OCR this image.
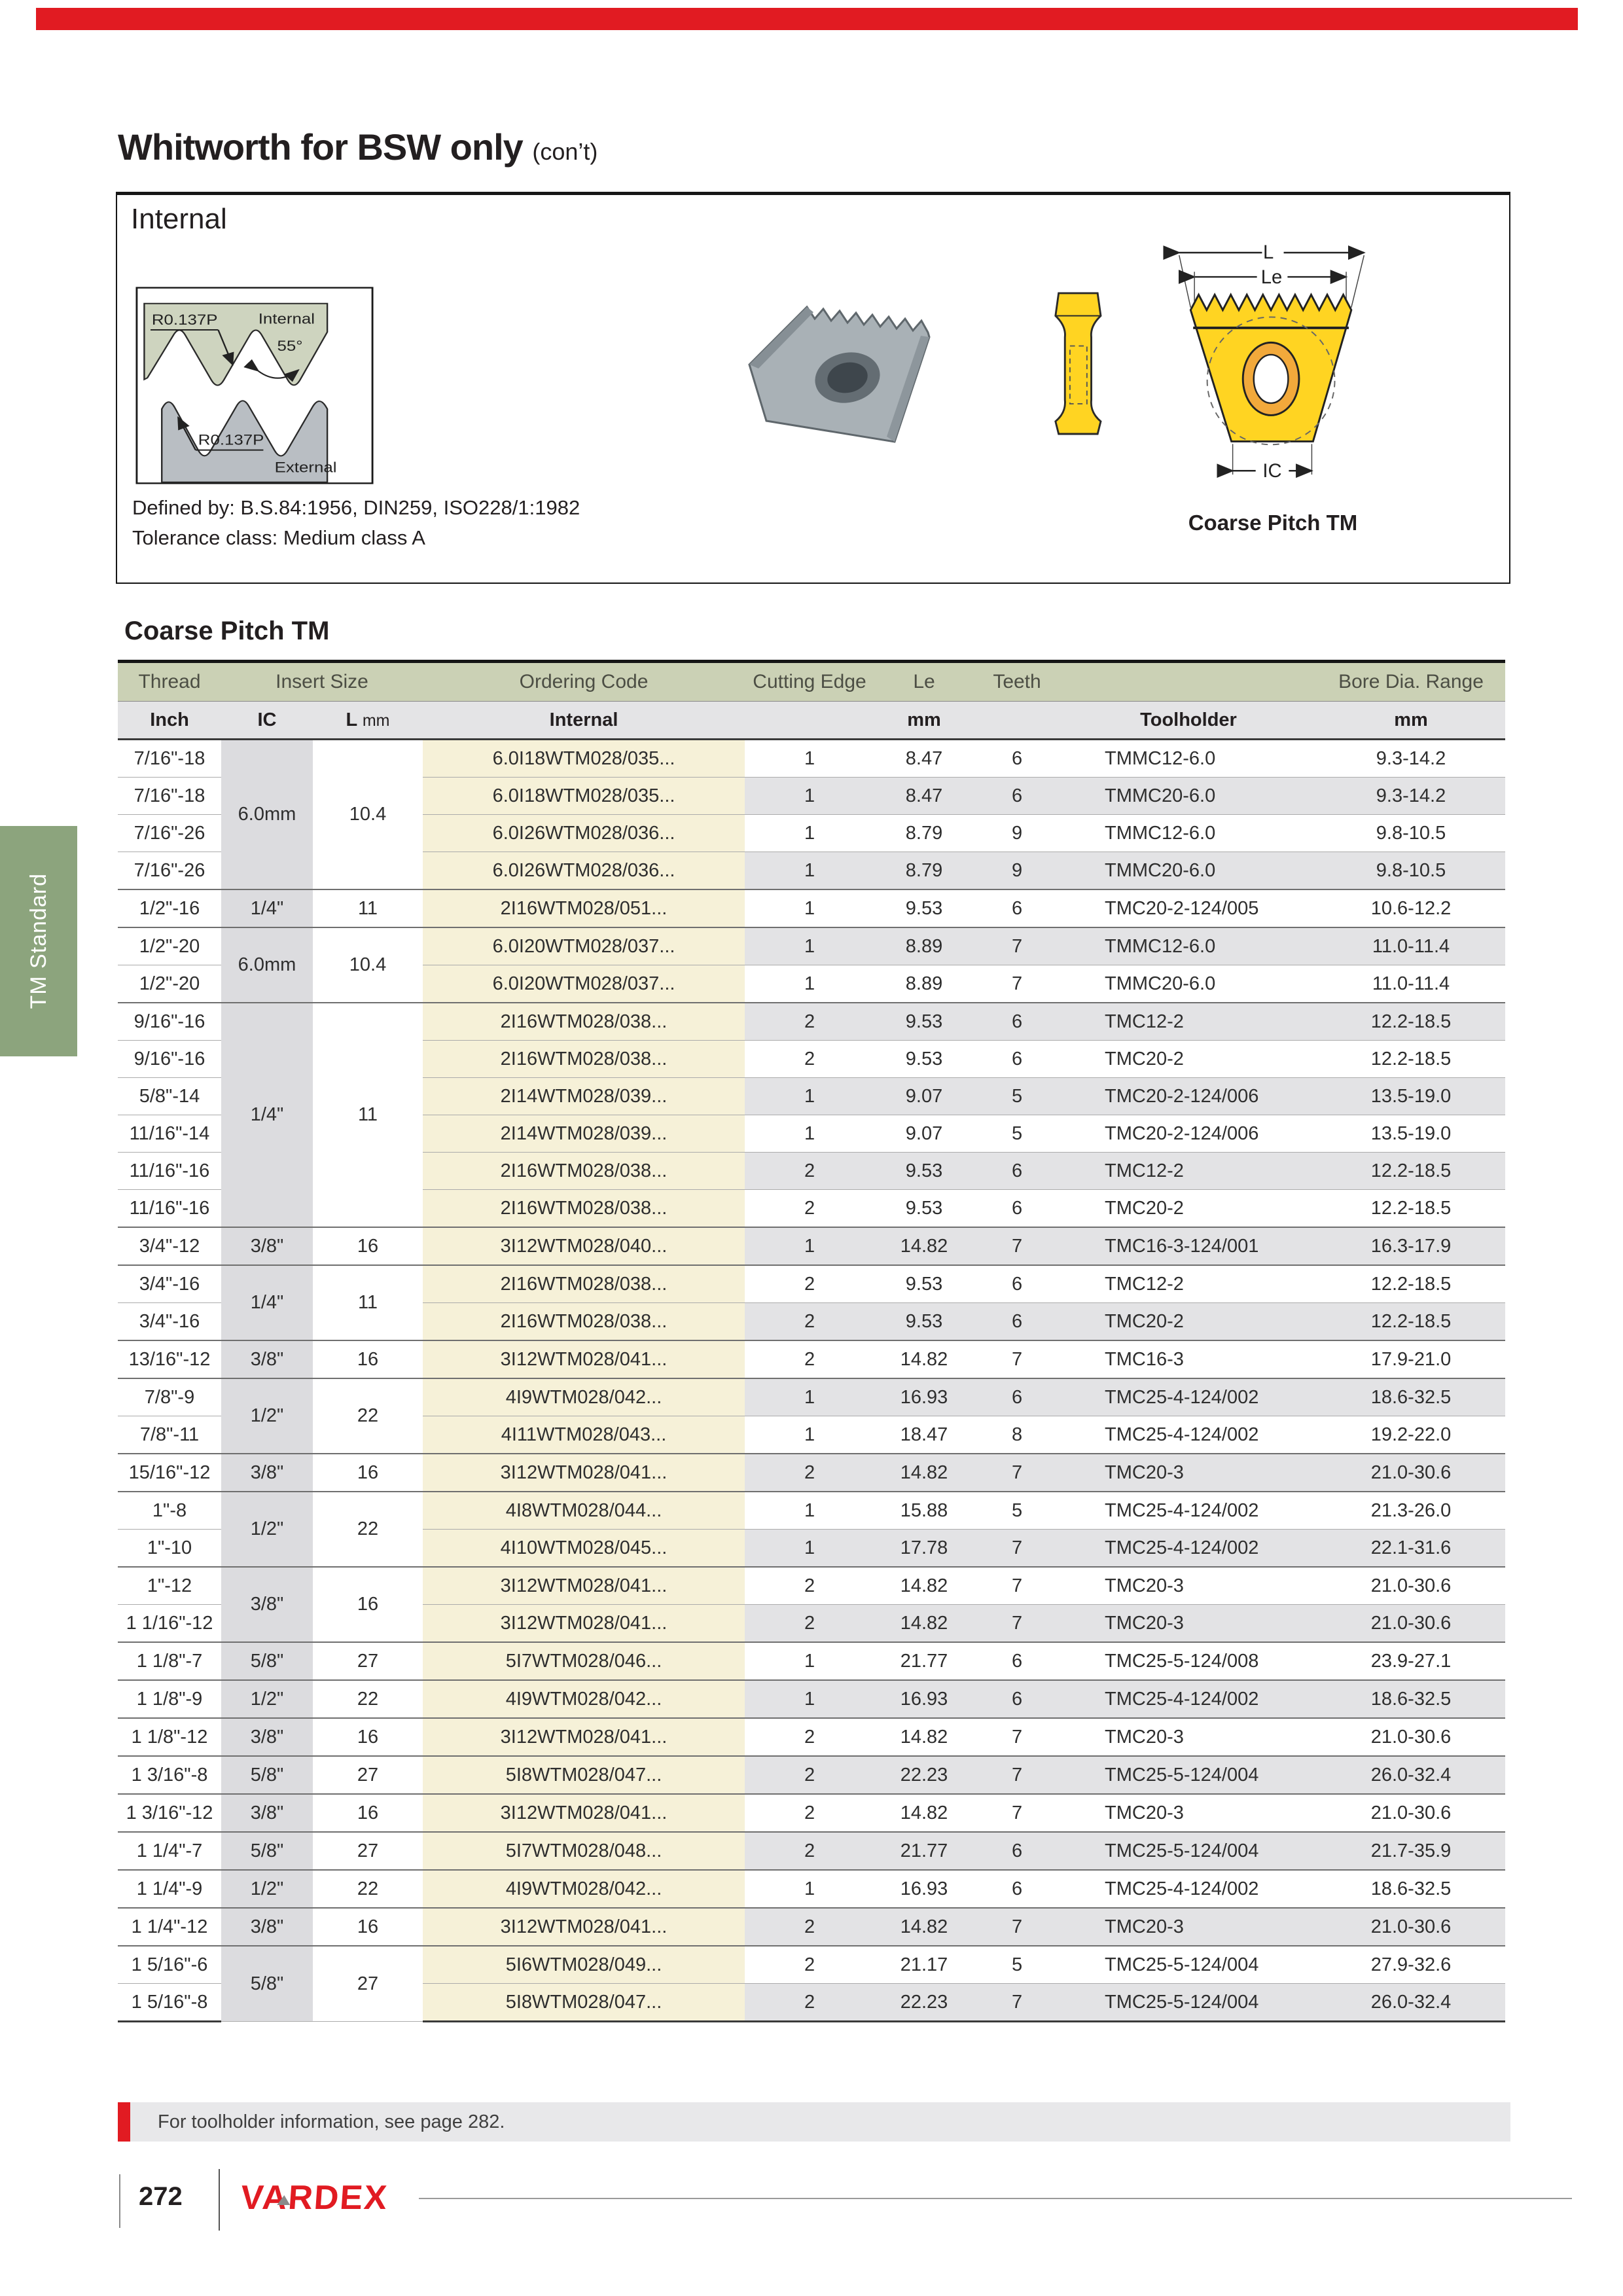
Whitworth for BSW only (con’t)
Internal
R0.137P Internal
55°
R0.137P
External
L
Le
IC
Coarse Pitch TM
Defined by: B.S.84:1956, DIN259, ISO228/1:1982
Tolerance class: Medium class A
TM Standard
Coarse Pitch TM
Thread	Insert Size		Ordering Code	Cutting Edge	Le	Teeth		Bore Dia. Range
Inch	IC	L mm	Internal		mm		Toolholder	mm
7/16"-18	6.0mm	10.4	6.0I18WTM028/035...	1	8.47	6	TMMC12-6.0	9.3-14.2
7/16"-18			6.0I18WTM028/035...	1	8.47	6	TMMC20-6.0	9.3-14.2
7/16"-26			6.0I26WTM028/036...	1	8.79	9	TMMC12-6.0	9.8-10.5
7/16"-26			6.0I26WTM028/036...	1	8.79	9	TMMC20-6.0	9.8-10.5
1/2"-16	1/4"	11	2I16WTM028/051...	1	9.53	6	TMC20-2-124/005	10.6-12.2
1/2"-20	6.0mm	10.4	6.0I20WTM028/037...	1	8.89	7	TMMC12-6.0	11.0-11.4
1/2"-20			6.0I20WTM028/037...	1	8.89	7	TMMC20-6.0	11.0-11.4
9/16"-16	1/4"	11	2I16WTM028/038...	2	9.53	6	TMC12-2	12.2-18.5
9/16"-16			2I16WTM028/038...	2	9.53	6	TMC20-2	12.2-18.5
5/8"-14			2I14WTM028/039...	1	9.07	5	TMC20-2-124/006	13.5-19.0
11/16"-14			2I14WTM028/039...	1	9.07	5	TMC20-2-124/006	13.5-19.0
11/16"-16			2I16WTM028/038...	2	9.53	6	TMC12-2	12.2-18.5
11/16"-16			2I16WTM028/038...	2	9.53	6	TMC20-2	12.2-18.5
3/4"-12	3/8"	16	3I12WTM028/040...	1	14.82	7	TMC16-3-124/001	16.3-17.9
3/4"-16	1/4"	11	2I16WTM028/038...	2	9.53	6	TMC12-2	12.2-18.5
3/4"-16			2I16WTM028/038...	2	9.53	6	TMC20-2	12.2-18.5
13/16"-12	3/8"	16	3I12WTM028/041...	2	14.82	7	TMC16-3	17.9-21.0
7/8"-9	1/2"	22	4I9WTM028/042...	1	16.93	6	TMC25-4-124/002	18.6-32.5
7/8"-11			4I11WTM028/043...	1	18.47	8	TMC25-4-124/002	19.2-22.0
15/16"-12	3/8"	16	3I12WTM028/041...	2	14.82	7	TMC20-3	21.0-30.6
1"-8	1/2"	22	4I8WTM028/044...	1	15.88	5	TMC25-4-124/002	21.3-26.0
1"-10			4I10WTM028/045...	1	17.78	7	TMC25-4-124/002	22.1-31.6
1"-12	3/8"	16	3I12WTM028/041...	2	14.82	7	TMC20-3	21.0-30.6
1 1/16"-12			3I12WTM028/041...	2	14.82	7	TMC20-3	21.0-30.6
1 1/8"-7	5/8"	27	5I7WTM028/046...	1	21.77	6	TMC25-5-124/008	23.9-27.1
1 1/8"-9	1/2"	22	4I9WTM028/042...	1	16.93	6	TMC25-4-124/002	18.6-32.5
1 1/8"-12	3/8"	16	3I12WTM028/041...	2	14.82	7	TMC20-3	21.0-30.6
1 3/16"-8	5/8"	27	5I8WTM028/047...	2	22.23	7	TMC25-5-124/004	26.0-32.4
1 3/16"-12	3/8"	16	3I12WTM028/041...	2	14.82	7	TMC20-3	21.0-30.6
1 1/4"-7	5/8"	27	5I7WTM028/048...	2	21.77	6	TMC25-5-124/004	21.7-35.9
1 1/4"-9	1/2"	22	4I9WTM028/042...	1	16.93	6	TMC25-4-124/002	18.6-32.5
1 1/4"-12	3/8"	16	3I12WTM028/041...	2	14.82	7	TMC20-3	21.0-30.6
1 5/16"-6	5/8"	27	5I6WTM028/049...	2	21.17	5	TMC25-5-124/004	27.9-32.6
1 5/16"-8			5I8WTM028/047...	2	22.23	7	TMC25-5-124/004	26.0-32.4
For toolholder information, see page 282.
272 VARDEX
